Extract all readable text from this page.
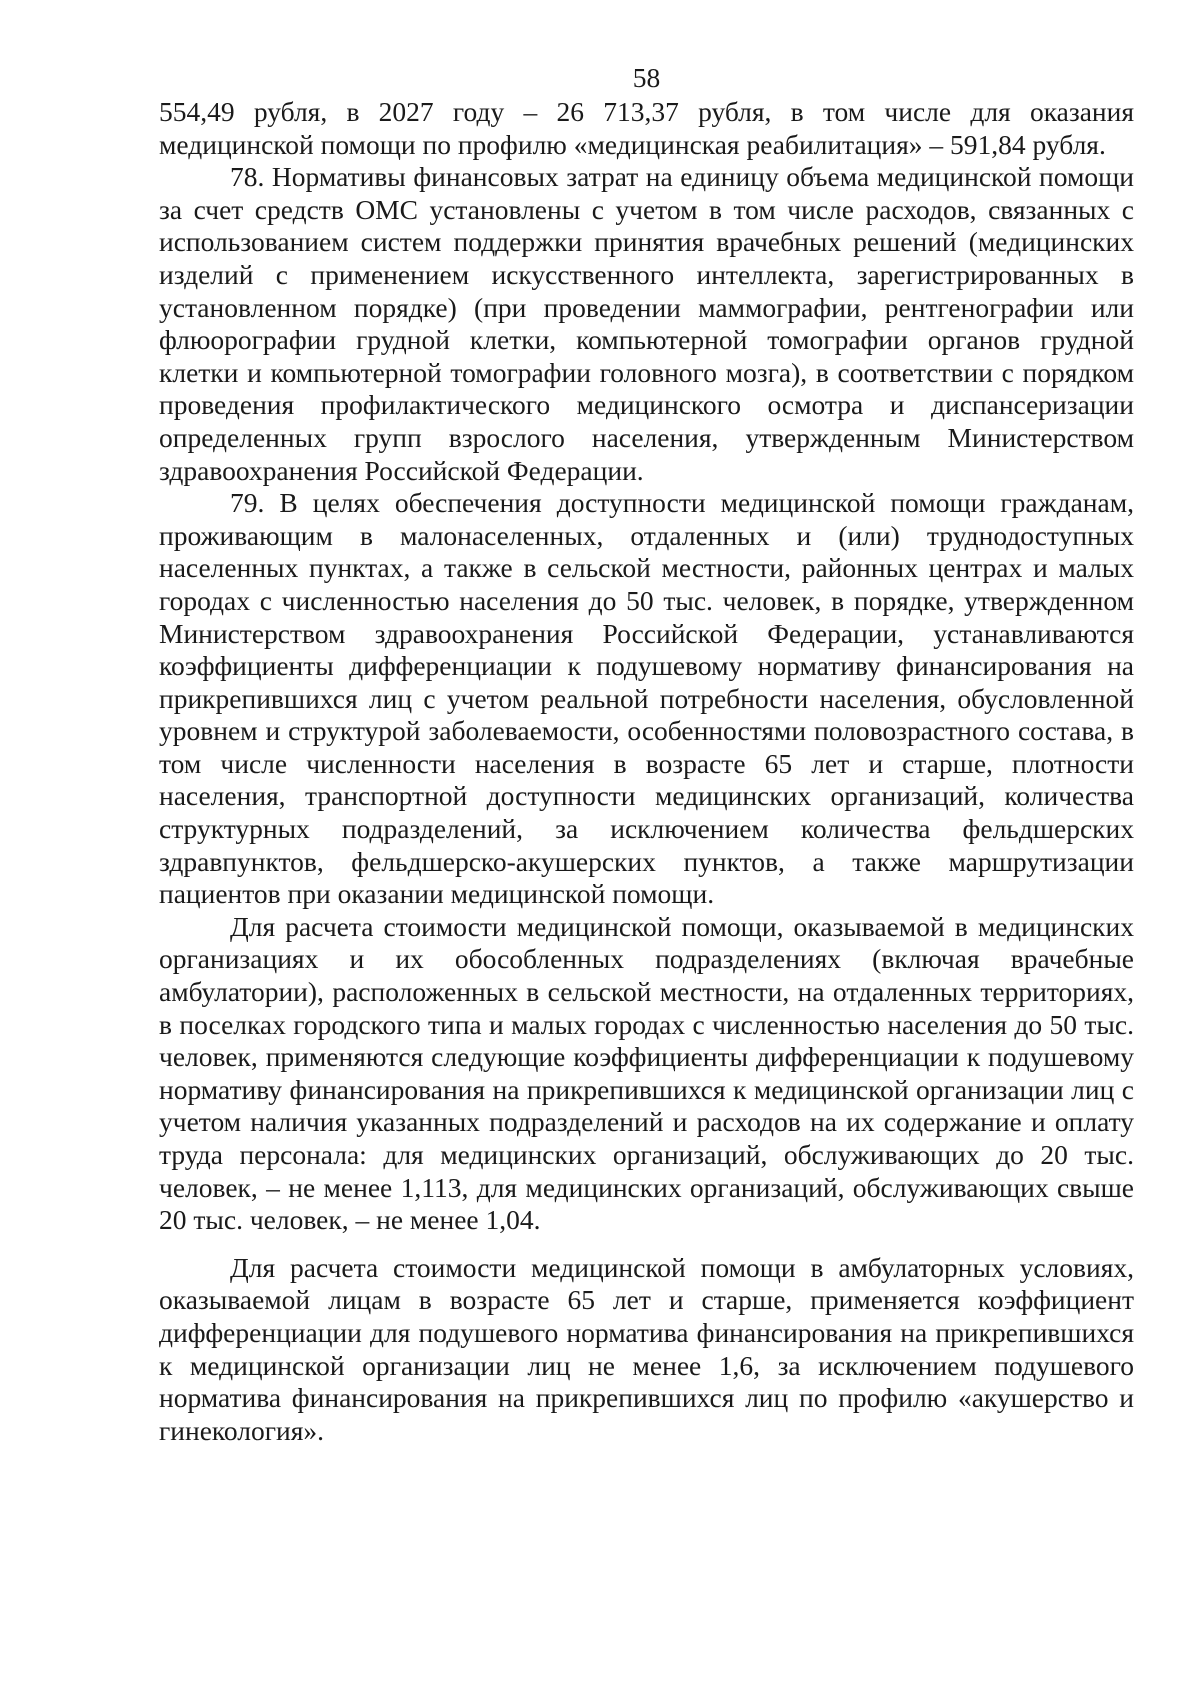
58

554,49 рубля, в 2027 году – 26 713,37 рубля, в том числе для оказания медицинской помощи по профилю «медицинская реабилитация» – 591,84 рубля.

78. Нормативы финансовых затрат на единицу объема медицинской помощи за счет средств ОМС установлены с учетом в том числе расходов, связанных с использованием систем поддержки принятия врачебных решений (медицинских изделий с применением искусственного интеллекта, зарегистрированных в установленном порядке) (при проведении маммографии, рентгенографии или флюорографии грудной клетки, компьютерной томографии органов грудной клетки и компьютерной томографии головного мозга), в соответствии с порядком проведения профилактического медицинского осмотра и диспансеризации определенных групп взрослого населения, утвержденным Министерством здравоохранения Российской Федерации.

79. В целях обеспечения доступности медицинской помощи гражданам, проживающим в малонаселенных, отдаленных и (или) труднодоступных населенных пунктах, а также в сельской местности, районных центрах и малых городах с численностью населения до 50 тыс. человек, в порядке, утвержденном Министерством здравоохранения Российской Федерации, устанавливаются коэффициенты дифференциации к подушевому нормативу финансирования на прикрепившихся лиц с учетом реальной потребности населения, обусловленной уровнем и структурой заболеваемости, особенностями половозрастного состава, в том числе численности населения в возрасте 65 лет и старше, плотности населения, транспортной доступности медицинских организаций, количества структурных подразделений, за исключением количества фельдшерских здравпунктов, фельдшерско-акушерских пунктов, а также маршрутизации пациентов при оказании медицинской помощи.

Для расчета стоимости медицинской помощи, оказываемой в медицинских организациях и их обособленных подразделениях (включая врачебные амбулатории), расположенных в сельской местности, на отдаленных территориях, в поселках городского типа и малых городах с численностью населения до 50 тыс. человек, применяются следующие коэффициенты дифференциации к подушевому нормативу финансирования на прикрепившихся к медицинской организации лиц с учетом наличия указанных подразделений и расходов на их содержание и оплату труда персонала: для медицинских организаций, обслуживающих до 20 тыс. человек, – не менее 1,113, для медицинских организаций, обслуживающих свыше 20 тыс. человек, – не менее 1,04.

Для расчета стоимости медицинской помощи в амбулаторных условиях, оказываемой лицам в возрасте 65 лет и старше, применяется коэффициент дифференциации для подушевого норматива финансирования на прикрепившихся к медицинской организации лиц не менее 1,6, за исключением подушевого норматива финансирования на прикрепившихся лиц по профилю «акушерство и гинекология».
